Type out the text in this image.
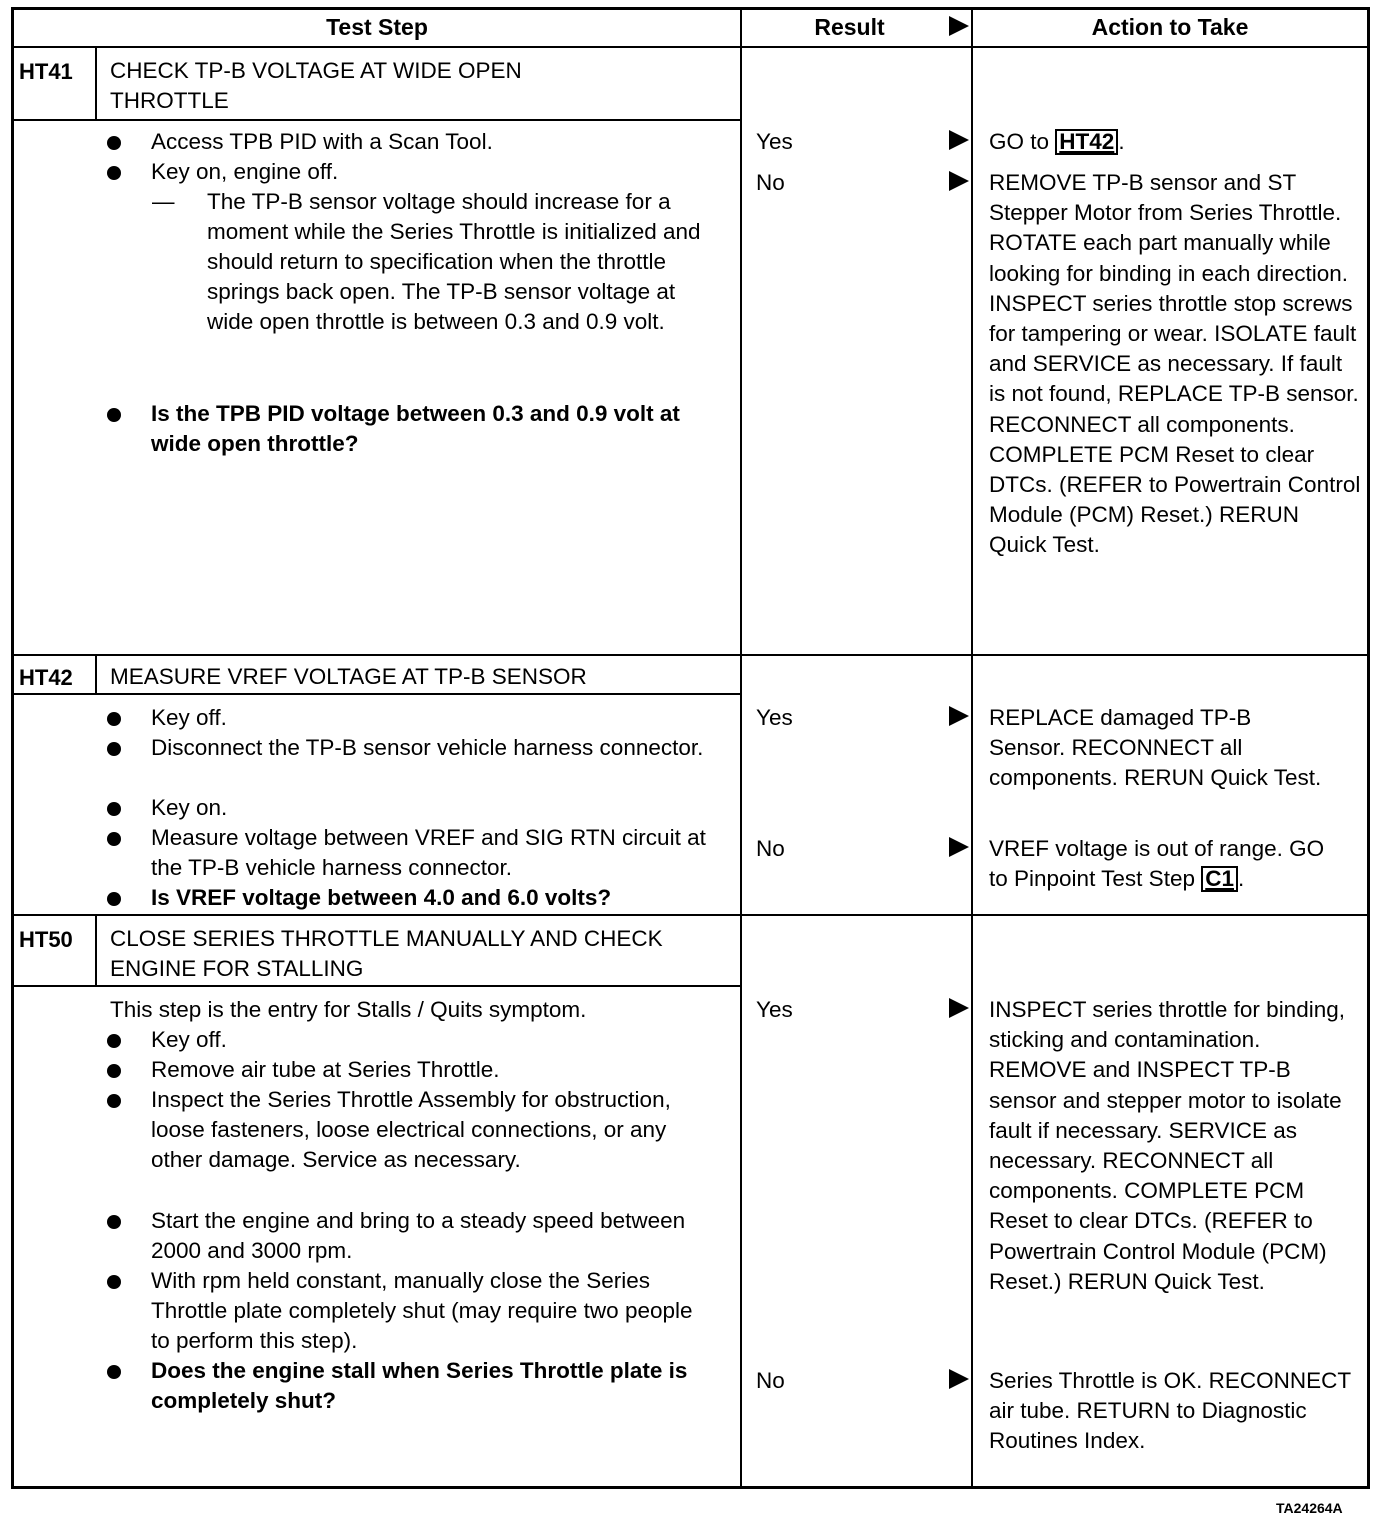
Test Step	Result	Action to Take
HT41 CHECK TP-B VOLTAGE AT WIDE OPEN THROTTLE
Access TPB PID with a Scan Tool.
Key on, engine off.
— The TP-B sensor voltage should increase for a moment while the Series Throttle is initialized and should return to specification when the throttle springs back open. The TP-B sensor voltage at wide open throttle is between 0.3 and 0.9 volt.
Is the TPB PID voltage between 0.3 and 0.9 volt at wide open throttle?
Yes	GO to HT42 .
No	REMOVE TP-B sensor and ST Stepper Motor from Series Throttle. ROTATE each part manually while looking for binding in each direction. INSPECT series throttle stop screws for tampering or wear. ISOLATE fault and SERVICE as necessary. If fault is not found, REPLACE TP-B sensor. RECONNECT all components. COMPLETE PCM Reset to clear DTCs. (REFER to Powertrain Control Module (PCM) Reset.) RERUN Quick Test.
HT42 MEASURE VREF VOLTAGE AT TP-B SENSOR
Key off.
Disconnect the TP-B sensor vehicle harness connector.
Key on.
Measure voltage between VREF and SIG RTN circuit at the TP-B vehicle harness connector.
Is VREF voltage between 4.0 and 6.0 volts?
Yes	REPLACE damaged TP-B Sensor. RECONNECT all components. RERUN Quick Test.
No	VREF voltage is out of range. GO to Pinpoint Test Step C1 .
HT50 CLOSE SERIES THROTTLE MANUALLY AND CHECK ENGINE FOR STALLING
This step is the entry for Stalls / Quits symptom.
Key off.
Remove air tube at Series Throttle.
Inspect the Series Throttle Assembly for obstruction, loose fasteners, loose electrical connections, or any other damage. Service as necessary.
Start the engine and bring to a steady speed between 2000 and 3000 rpm.
With rpm held constant, manually close the Series Throttle plate completely shut (may require two people to perform this step).
Does the engine stall when Series Throttle plate is completely shut?
Yes	INSPECT series throttle for binding, sticking and contamination. REMOVE and INSPECT TP-B sensor and stepper motor to isolate fault if necessary. SERVICE as necessary. RECONNECT all components. COMPLETE PCM Reset to clear DTCs. (REFER to Powertrain Control Module (PCM) Reset.) RERUN Quick Test.
No	Series Throttle is OK. RECONNECT air tube. RETURN to Diagnostic Routines Index.
TA24264A
